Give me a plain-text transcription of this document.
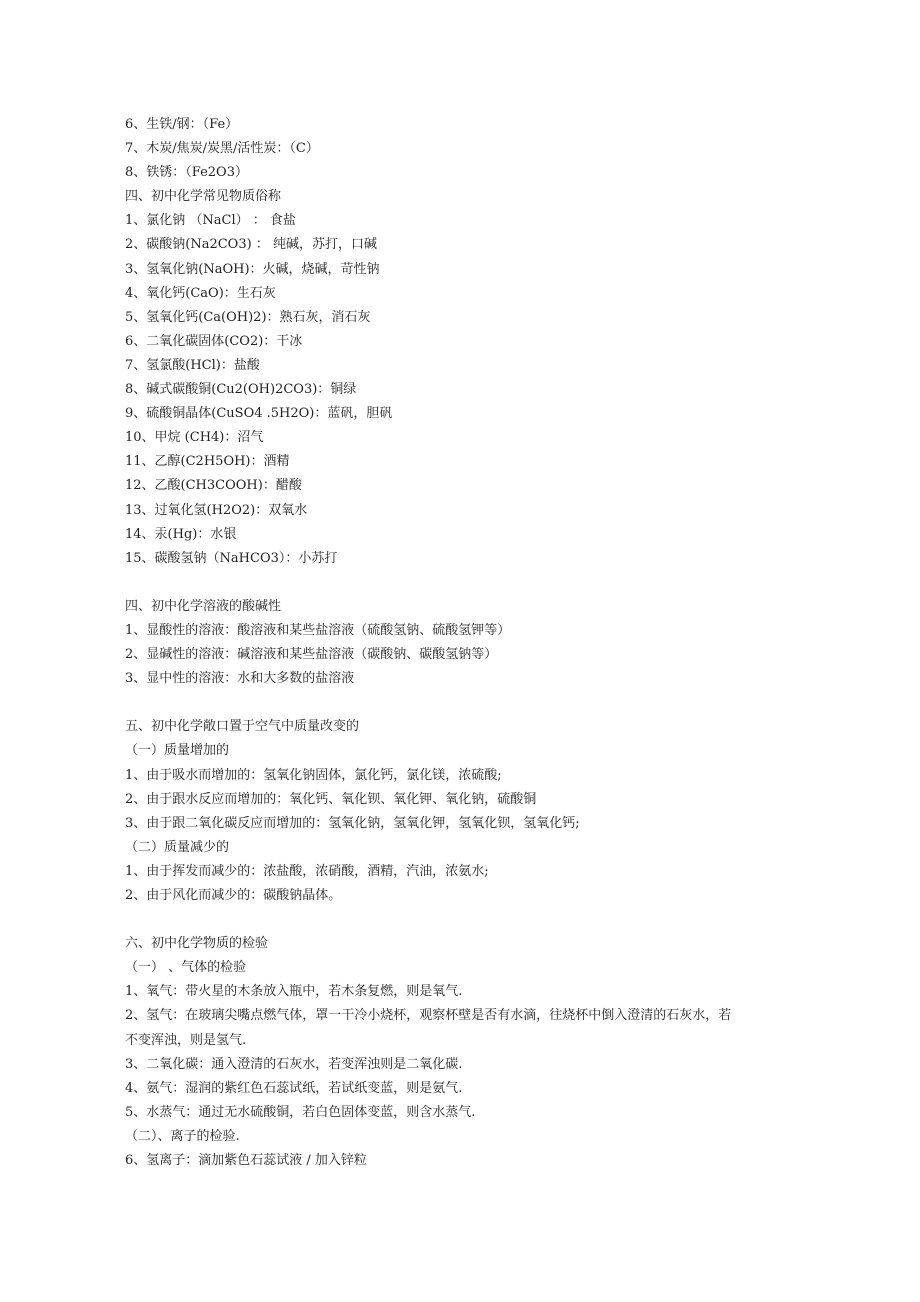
6、生铁/钢：（Fe）
7、木炭/焦炭/炭黑/活性炭：（C）
8、铁锈：（Fe2O3）
四、初中化学常见物质俗称
1、氯化钠 （NaCl） ： 食盐
2、碳酸钠(Na2CO3) ： 纯碱，苏打，口碱
3、氢氧化钠(NaOH)：火碱，烧碱，苛性钠
4、氧化钙(CaO)：生石灰
5、氢氧化钙(Ca(OH)2)：熟石灰，消石灰
6、二氧化碳固体(CO2)：干冰
7、氢氯酸(HCl)：盐酸
8、碱式碳酸铜(Cu2(OH)2CO3)：铜绿
9、硫酸铜晶体(CuSO4 .5H2O)：蓝矾，胆矾
10、甲烷 (CH4)：沼气
11、乙醇(C2H5OH)：酒精
12、乙酸(CH3COOH)：醋酸
13、过氧化氢(H2O2)：双氧水
14、汞(Hg)：水银
15、碳酸氢钠（NaHCO3）：小苏打
四、初中化学溶液的酸碱性
1、显酸性的溶液：酸溶液和某些盐溶液（硫酸氢钠、硫酸氢钾等）
2、显碱性的溶液：碱溶液和某些盐溶液（碳酸钠、碳酸氢钠等）
3、显中性的溶液：水和大多数的盐溶液
五、初中化学敞口置于空气中质量改变的
（一）质量增加的
1、由于吸水而增加的：氢氧化钠固体，氯化钙，氯化镁，浓硫酸;
2、由于跟水反应而增加的：氧化钙、氧化钡、氧化钾、氧化钠，硫酸铜
3、由于跟二氧化碳反应而增加的：氢氧化钠，氢氧化钾，氢氧化钡，氢氧化钙;
（二）质量减少的
1、由于挥发而减少的：浓盐酸，浓硝酸，酒精，汽油，浓氨水;
2、由于风化而减少的：碳酸钠晶体。
六、初中化学物质的检验
（一） 、气体的检验
1、氧气：带火星的木条放入瓶中，若木条复燃，则是氧气.
2、氢气：在玻璃尖嘴点燃气体，罩一干冷小烧杯，观察杯壁是否有水滴，往烧杯中倒入澄清的石灰水，若
不变浑浊，则是氢气.
3、二氧化碳：通入澄清的石灰水，若变浑浊则是二氧化碳.
4、氨气：湿润的紫红色石蕊试纸，若试纸变蓝，则是氨气.
5、水蒸气：通过无水硫酸铜，若白色固体变蓝，则含水蒸气.
（二）、离子的检验.
6、氢离子：滴加紫色石蕊试液 / 加入锌粒
